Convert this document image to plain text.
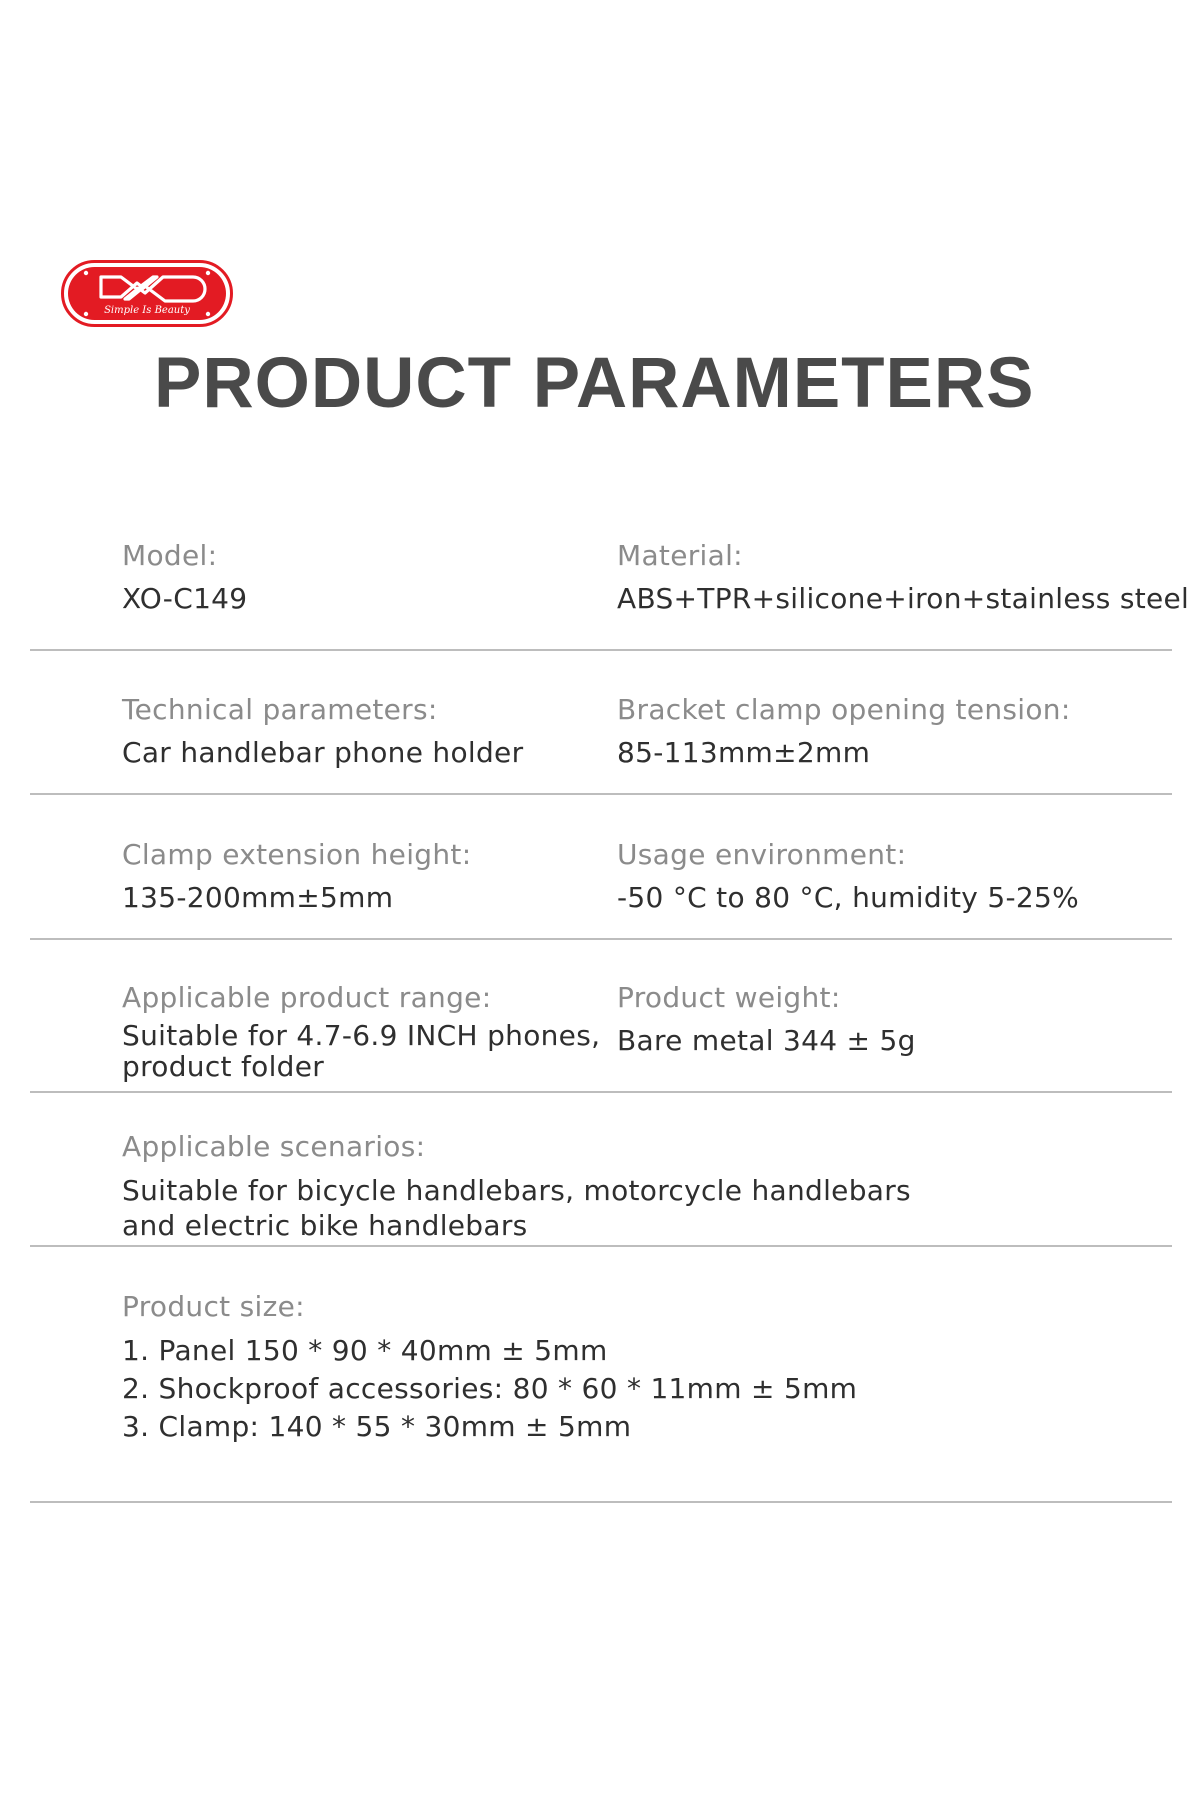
Simple Is Beauty
PRODUCT PARAMETERS
Model:
XO-C149
Material:
ABS+TPR+silicone+iron+stainless steel
Technical parameters:
Car handlebar phone holder
Bracket clamp opening tension:
85-113mm±2mm
Clamp extension height:
135-200mm±5mm
Usage environment:
-50 °C to 80 °C, humidity 5-25%
Applicable product range:
Suitable for 4.7-6.9 INCH phones,
product folder
Product weight:
Bare metal 344 ± 5g
Applicable scenarios:
Suitable for bicycle handlebars, motorcycle handlebars
and electric bike handlebars
Product size:
1. Panel 150 * 90 * 40mm ± 5mm
2. Shockproof accessories: 80 * 60 * 11mm ± 5mm
3. Clamp: 140 * 55 * 30mm ± 5mm
